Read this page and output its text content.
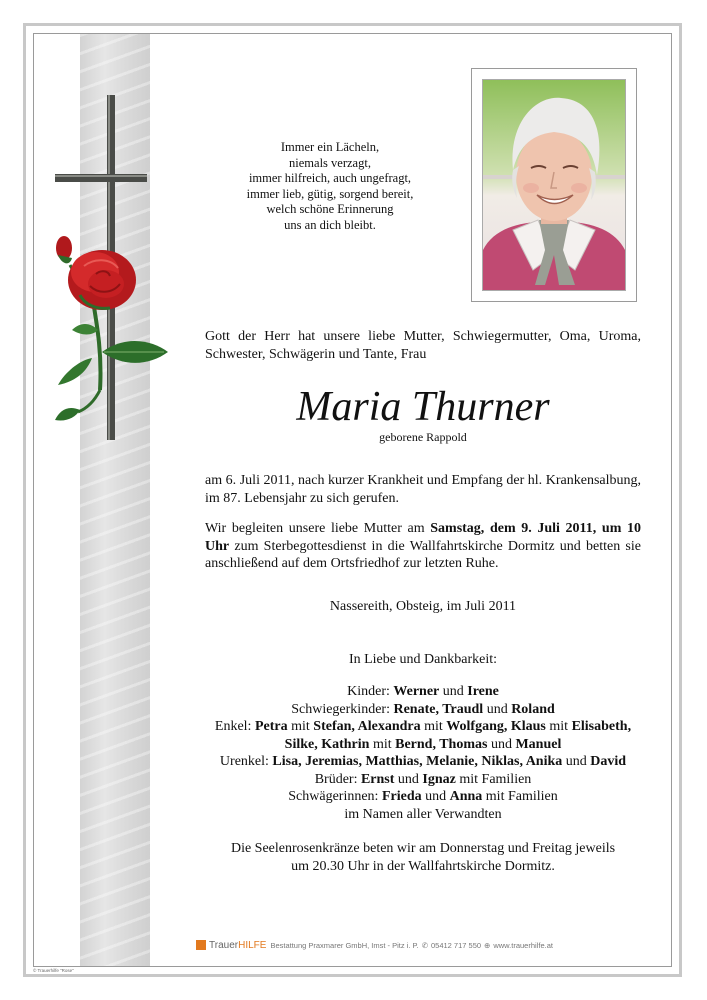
Immer ein Lächeln,
niemals verzagt,
immer hilfreich, auch ungefragt,
immer lieb, gütig, sorgend bereit,
welch schöne Erinnerung
uns an dich bleibt.
Gott der Herr hat unsere liebe Mutter, Schwiegermutter, Oma, Uroma, Schwester, Schwägerin und Tante, Frau
Maria Thurner
geborene Rappold
am 6. Juli 2011, nach kurzer Krankheit und Empfang der hl. Krankensalbung, im 87. Lebensjahr zu sich gerufen.
Wir begleiten unsere liebe Mutter am Samstag, dem 9. Juli 2011, um 10 Uhr zum Sterbegottesdienst in die Wallfahrtskirche Dormitz und betten sie anschließend auf dem Ortsfriedhof zur letzten Ruhe.
Nassereith, Obsteig, im Juli 2011
In Liebe und Dankbarkeit:
Kinder: Werner und Irene
Schwiegerkinder: Renate, Traudl und Roland
Enkel: Petra mit Stefan, Alexandra mit Wolfgang, Klaus mit Elisabeth,
Silke, Kathrin mit Bernd, Thomas und Manuel
Urenkel: Lisa, Jeremias, Matthias, Melanie, Niklas, Anika und David
Brüder: Ernst und Ignaz mit Familien
Schwägerinnen: Frieda und Anna mit Familien
im Namen aller Verwandten
Die Seelenrosenkränze beten wir am Donnerstag und Freitag jeweils
um 20.30 Uhr in der Wallfahrtskirche Dormitz.
TrauerHILFE Bestattung Praxmarer GmbH, Imst - Pitz i. P. ✆ 05412 717 550 ⊕ www.trauerhilfe.at
© Trauerhilfe "Rose"
